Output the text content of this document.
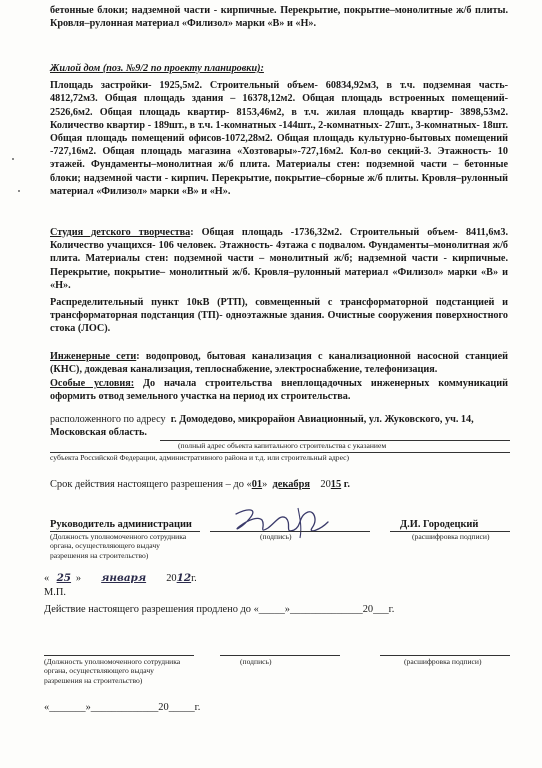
бетонные блоки; надземной части - кирпичные. Перекрытие, покрытие–монолитные ж/б плиты. Кровля–рулонная материал «Филизол» марки «В» и «Н».

Жилой дом (поз. №9/2 по проекту планировки):

Площадь застройки- 1925,5м2. Строительный объем- 60834,92м3, в т.ч. подземная часть- 4812,72м3. Общая площадь здания – 16378,12м2. Общая площадь встроенных помещений- 2526,6м2. Общая площадь квартир- 8153,46м2, в т.ч. жилая площадь квартир- 3898,53м2. Количество квартир - 189шт., в т.ч. 1-комнатных -144шт., 2-комнатных- 27шт., 3-комнатных- 18шт. Общая площадь помещений офисов-1072,28м2. Общая площадь культурно-бытовых помещений -727,16м2. Общая площадь магазина «Хозтовары»-727,16м2. Кол-во секций-3. Этажность- 10 этажей. Фундаменты–монолитная ж/б плита. Материалы стен: подземной части – бетонные блоки; надземной части - кирпич. Перекрытие, покрытие–сборные ж/б плиты. Кровля–рулонный материал «Филизол» марки «В» и «Н».

Студия детского творчества: Общая площадь -1736,32м2. Строительный объем- 8411,6м3. Количество учащихся- 106 человек. Этажность- 4этажа с подвалом. Фундаменты–монолитная ж/б плита. Материалы стен: подземной части – монолитный ж/б; надземной части - кирпичные. Перекрытие, покрытие– монолитный ж/б. Кровля–рулонный материал «Филизол» марки «В» и «Н».

Распределительный пункт 10кВ (РТП), совмещенный с трансформаторной подстанцией и трансформаторная подстанция (ТП)- одноэтажные здания. Очистные сооружения поверхностного стока (ЛОС).

Инженерные сети: водопровод, бытовая канализация с канализационной насосной станцией (КНС), дождевая канализация, теплоснабжение, электроснабжение, телефонизация.

Особые условия: До начала строительства внеплощадочных инженерных коммуникаций оформить отвод земельного участка на период их строительства.

расположенного по адресу г. Домодедово, микрорайон Авиационный, ул. Жуковского, уч. 14, Московская область.
(полный адрес объекта капитального строительства с указанием
субъекта Российской Федерации, административного района и т.д. или строительный адрес)
Срок действия настоящего разрешения – до «01» декабря 2015 г.
Руководитель администрации
(Должность уполномоченного сотрудника органа, осуществляющего выдачу разрешения на строительство)
(подпись)
Д.И. Городецкий
(расшифровка подписи)
« 25 » января 2012г.
М.П.
Действие настоящего разрешения продлено до «_____»______________20___г.
(Должность уполномоченного сотрудника органа, осуществляющего выдачу разрешения на строительство)
(подпись)	(расшифровка подписи)
«_______»_____________20_____г.
